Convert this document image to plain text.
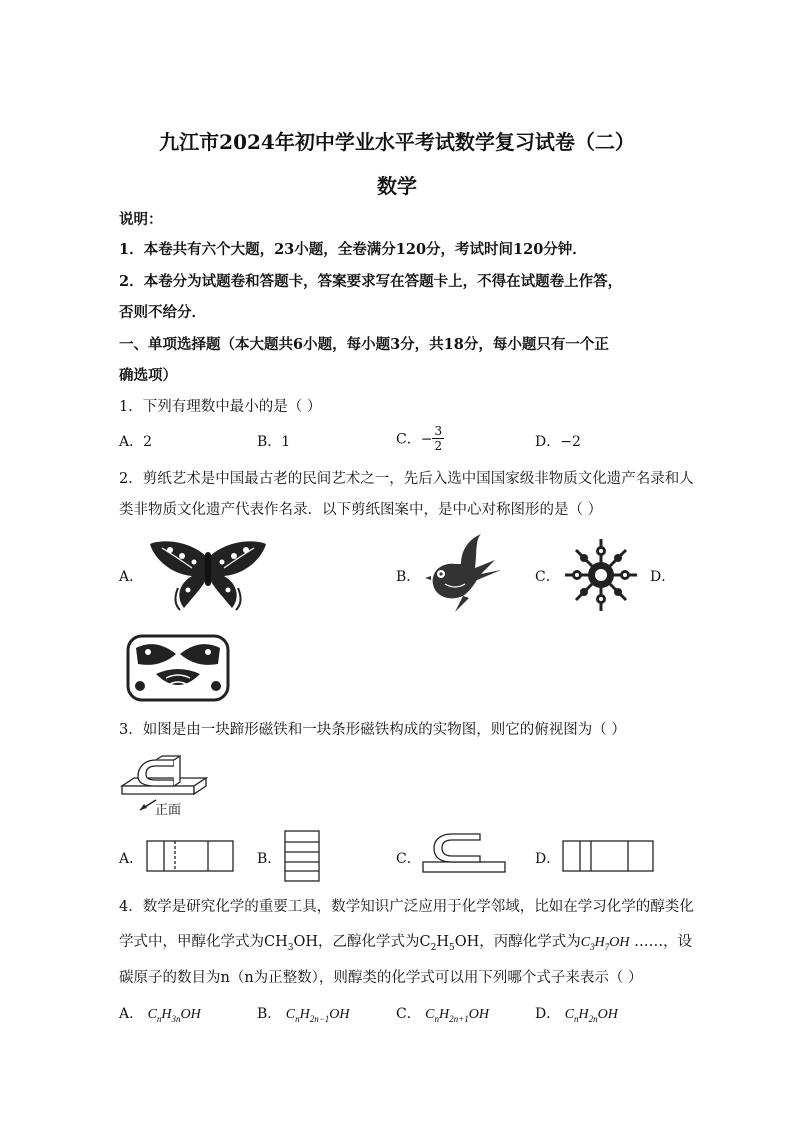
九江市2024年初中学业水平考试数学复习试卷（二）
数学
说明：
1．本卷共有六个大题，23小题，全卷满分120分，考试时间120分钟．
2．本卷分为试题卷和答题卡，答案要求写在答题卡上，不得在试题卷上作答，
否则不给分．
一、单项选择题（本大题共6小题，每小题3分，共18分，每小题只有一个正
确选项）
1．下列有理数中最小的是（ ）
A．2	B．1	C．− $\frac{3}{2}$	D．−2
2．剪纸艺术是中国最古老的民间艺术之一，先后入选中国国家级非物质文化遗产名录和人
类非物质文化遗产代表作名录．以下剪纸图案中，是中心对称图形的是（ ）
A．	B．	C．	D．
3．如图是由一块蹄形磁铁和一块条形磁铁构成的实物图，则它的俯视图为（ ）
正面
A．	B．	C．	D．
4．数学是研究化学的重要工具，数学知识广泛应用于化学邻域，比如在学习化学的醇类化
学式中，甲醇化学式为$CH_3OH$，乙醇化学式为$C_2H_5OH$，丙醇化学式为$C_3H_7OH$ ……，设
碳原子的数目为n（n为正整数），则醇类的化学式可以用下列哪个式子来表示（ ）
A． $C_nH_{3n}OH$	B． $C_nH_{2n-1}OH$	C． $C_nH_{2n+1}OH$	D． $C_nH_{2n}OH$
